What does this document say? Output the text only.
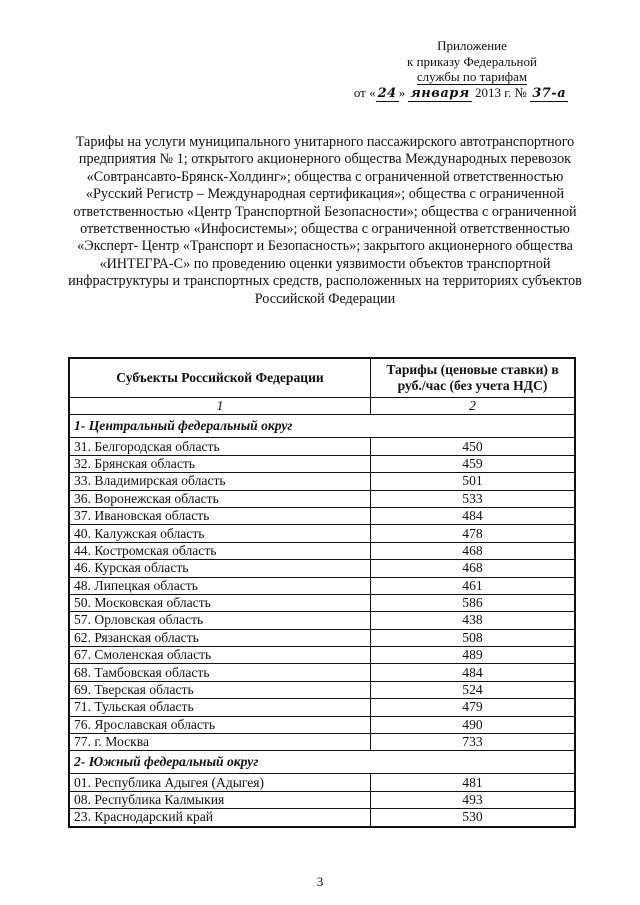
Приложение
к приказу Федеральной
службы по тарифам
от « 24 » января 2013 г. № 37-а
Тарифы на услуги муниципального унитарного пассажирского автотранспортного предприятия № 1; открытого акционерного общества Международных перевозок «Совтрансавто-Брянск-Холдинг»; общества с ограниченной ответственностью «Русский Регистр – Международная сертификация»; общества с ограниченной ответственностью «Центр Транспортной Безопасности»; общества с ограниченной ответственностью «Инфосистемы»; общества с ограниченной ответственностью «Эксперт- Центр «Транспорт и Безопасность»; закрытого акционерного общества «ИНТЕГРА-С» по проведению оценки уязвимости объектов транспортной инфраструктуры и транспортных средств, расположенных на территориях субъектов Российской Федерации
Субъекты Российской Федерации	Тарифы (ценовые ставки) в руб./час (без учета НДС)
1	2
1- Центральный федеральный округ	
31. Белгородская область	450
32. Брянская область	459
33. Владимирская область	501
36. Воронежская область	533
37. Ивановская область	484
40. Калужская область	478
44. Костромская область	468
46. Курская область	468
48. Липецкая область	461
50. Московская область	586
57. Орловская область	438
62. Рязанская область	508
67. Смоленская область	489
68. Тамбовская область	484
69. Тверская область	524
71. Тульская область	479
76. Ярославская область	490
77. г. Москва	733
2- Южный федеральный округ	
01. Республика Адыгея (Адыгея)	481
08. Республика Калмыкия	493
23. Краснодарский край	530
3
